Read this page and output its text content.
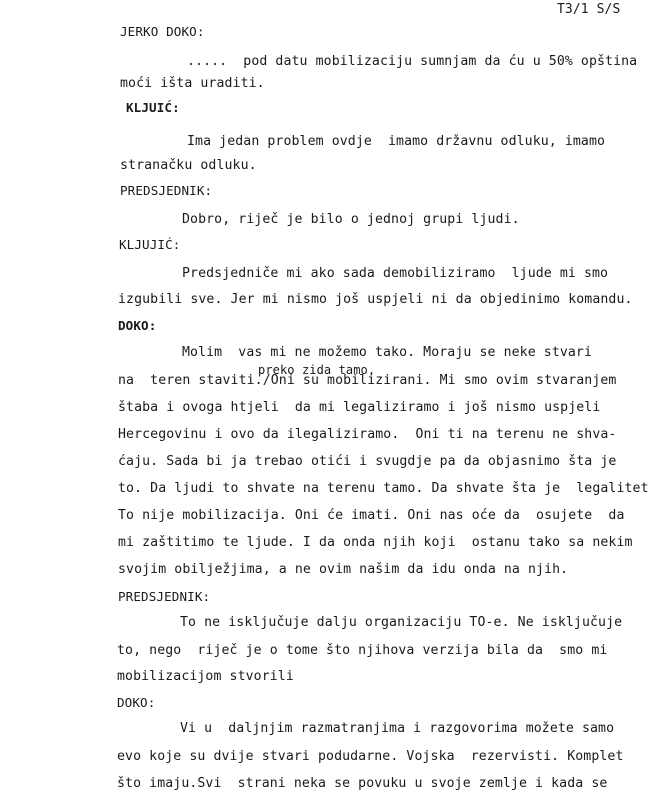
T3/1 S/S
JERKO DOKO:
.....  pod datu mobilizaciju sumnjam da ću u 50% opština
moći išta uraditi.
KLJUIĆ:
Ima jedan problem ovdje  imamo državnu odluku, imamo
stranačku odluku.
PREDSJEDNIK:
Dobro, riječ je bilo o jednoj grupi ljudi.
KLJUJIĆ:
Predsjedniče mi ako sada demobiliziramo  ljude mi smo
izgubili sve. Jer mi nismo još uspjeli ni da objedinimo komandu.
DOKO:
Molim  vas mi ne možemo tako. Moraju se neke stvari
preko zida tamo.
na  teren staviti./Oni su mobilizirani. Mi smo ovim stvaranjem
štaba i ovoga htjeli  da mi legaliziramo i još nismo uspjeli
Hercegovinu i ovo da ilegaliziramo.  Oni ti na terenu ne shva-
ćaju. Sada bi ja trebao otići i svugdje pa da objasnimo šta je
to. Da ljudi to shvate na terenu tamo. Da shvate šta je  legalitet
To nije mobilizacija. Oni će imati. Oni nas oće da  osujete  da
mi zaštitimo te ljude. I da onda njih koji  ostanu tako sa nekim
svojim obilježjima, a ne ovim našim da idu onda na njih.
PREDSJEDNIK:
To ne isključuje dalju organizaciju TO-e. Ne isključuje
to, nego  riječ je o tome što njihova verzija bila da  smo mi
mobilizacijom stvorili
DOKO:
Vi u  daljnjim razmatranjima i razgovorima možete samo
evo koje su dvije stvari podudarne. Vojska  rezervisti. Komplet
što imaju.Svi  strani neka se povuku u svoje zemlje i kada se
